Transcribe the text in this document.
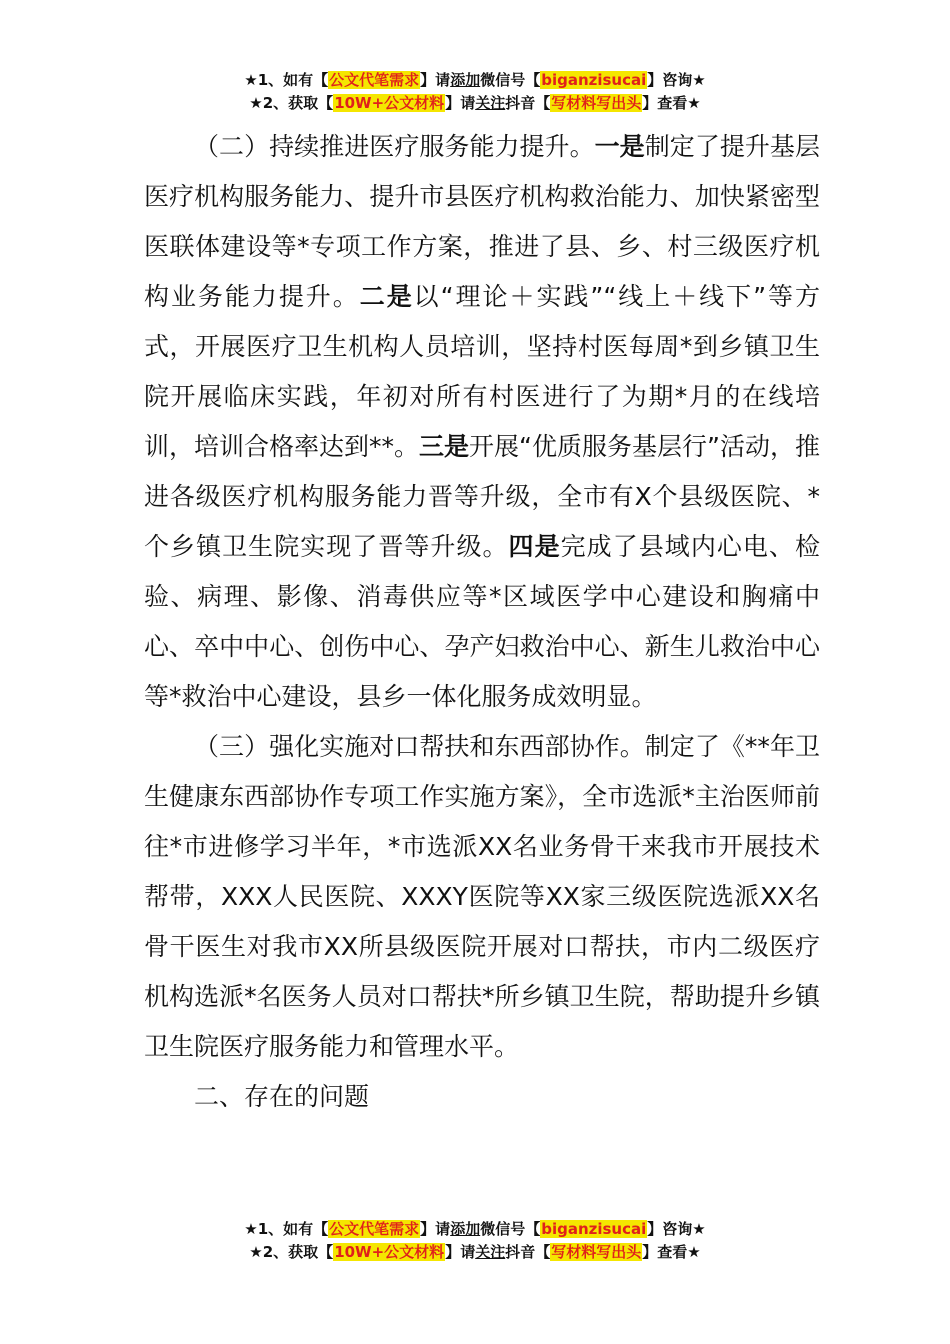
★1、如有【公文代笔需求】请添加微信号【biganzisucai】咨询★
★2、获取【10W+公文材料】请关注抖音【写材料写出头】查看★

（二）持续推进医疗服务能力提升。一是制定了提升基层医疗机构服务能力、提升市县医疗机构救治能力、加快紧密型医联体建设等*专项工作方案，推进了县、乡、村三级医疗机构业务能力提升。二是以“理论＋实践”“线上＋线下”等方式，开展医疗卫生机构人员培训，坚持村医每周*到乡镇卫生院开展临床实践，年初对所有村医进行了为期*月的在线培训，培训合格率达到**。三是开展“优质服务基层行”活动，推进各级医疗机构服务能力晋等升级，全市有X个县级医院、*个乡镇卫生院实现了晋等升级。四是完成了县域内心电、检验、病理、影像、消毒供应等*区域医学中心建设和胸痛中心、卒中中心、创伤中心、孕产妇救治中心、新生儿救治中心等*救治中心建设，县乡一体化服务成效明显。

（三）强化实施对口帮扶和东西部协作。制定了《**年卫生健康东西部协作专项工作实施方案》，全市选派*主治医师前往*市进修学习半年，*市选派XX名业务骨干来我市开展技术帮带，XXX人民医院、XXXY医院等XX家三级医院选派XX名骨干医生对我市XX所县级医院开展对口帮扶，市内二级医疗机构选派*名医务人员对口帮扶*所乡镇卫生院，帮助提升乡镇卫生院医疗服务能力和管理水平。

二、存在的问题

★1、如有【公文代笔需求】请添加微信号【biganzisucai】咨询★
★2、获取【10W+公文材料】请关注抖音【写材料写出头】查看★
